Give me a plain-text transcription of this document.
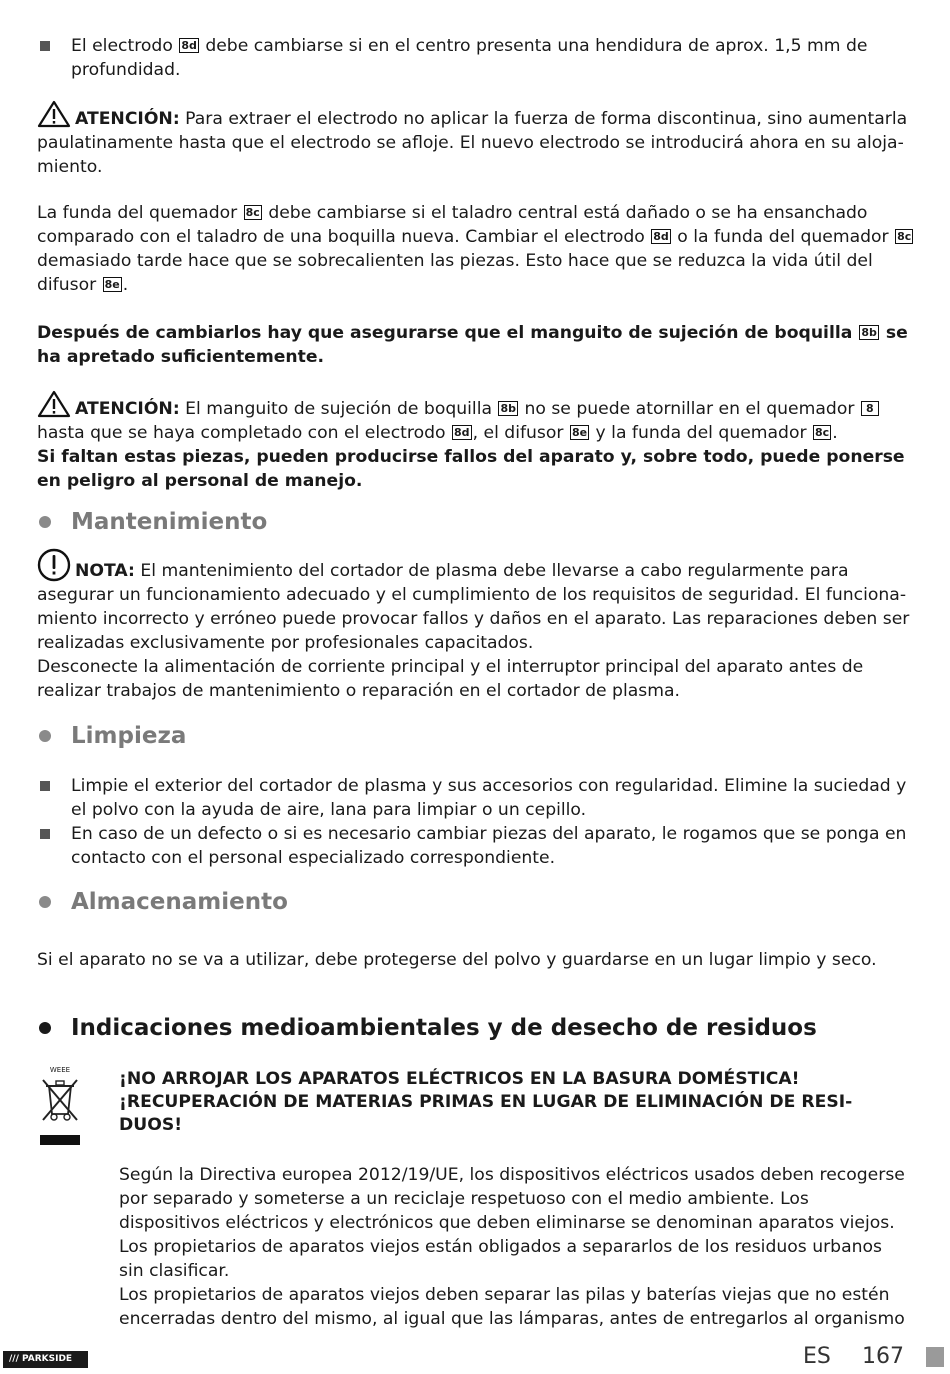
El electrodo 8d debe cambiarse si en el centro presenta una hendidura de aprox. 1,5 mm de profundidad.
ATENCIÓN: Para extraer el electrodo no aplicar la fuerza de forma discontinua, sino aumentarla paulatinamente hasta que el electrodo se afloje. El nuevo electrodo se introducirá ahora en su aloja-miento.
La funda del quemador 8c debe cambiarse si el taladro central está dañado o se ha ensanchado comparado con el taladro de una boquilla nueva. Cambiar el electrodo 8d o la funda del quemador 8c demasiado tarde hace que se sobrecalienten las piezas. Esto hace que se reduzca la vida útil del difusor 8e .
Después de cambiarlos hay que asegurarse que el manguito de sujeción de boquilla 8b se ha apretado suficientemente.
ATENCIÓN: El manguito de sujeción de boquilla 8b no se puede atornillar en el quemador 8 hasta que se haya completado con el electrodo 8d , el difusor 8e y la funda del quemador 8c .
Si faltan estas piezas, pueden producirse fallos del aparato y, sobre todo, puede ponerse en peligro al personal de manejo.
Mantenimiento
NOTA: El mantenimiento del cortador de plasma debe llevarse a cabo regularmente para asegurar un funcionamiento adecuado y el cumplimiento de los requisitos de seguridad. El funciona-miento incorrecto y erróneo puede provocar fallos y daños en el aparato. Las reparaciones deben ser realizadas exclusivamente por profesionales capacitados.
Desconecte la alimentación de corriente principal y el interruptor principal del aparato antes de realizar trabajos de mantenimiento o reparación en el cortador de plasma.
Limpieza
Limpie el exterior del cortador de plasma y sus accesorios con regularidad. Elimine la suciedad y el polvo con la ayuda de aire, lana para limpiar o un cepillo.
En caso de un defecto o si es necesario cambiar piezas del aparato, le rogamos que se ponga en contacto con el personal especializado correspondiente.
Almacenamiento
Si el aparato no se va a utilizar, debe protegerse del polvo y guardarse en un lugar limpio y seco.
Indicaciones medioambientales y de desecho de residuos
WEEE	¡NO ARROJAR LOS APARATOS ELÉCTRICOS EN LA BASURA DOMÉSTICA!
¡RECUPERACIÓN DE MATERIAS PRIMAS EN LUGAR DE ELIMINACIÓN DE RESI-DUOS!
Según la Directiva europea 2012/19/UE, los dispositivos eléctricos usados deben recogerse por separado y someterse a un reciclaje respetuoso con el medio ambiente. Los dispositivos eléctricos y electrónicos que deben eliminarse se denominan aparatos viejos. Los propietarios de aparatos viejos están obligados a separarlos de los residuos urbanos sin clasificar.
Los propietarios de aparatos viejos deben separar las pilas y baterías viejas que no estén encerradas dentro del mismo, al igual que las lámparas, antes de entregarlos al organismo
/// PARKSIDE	ES 167
